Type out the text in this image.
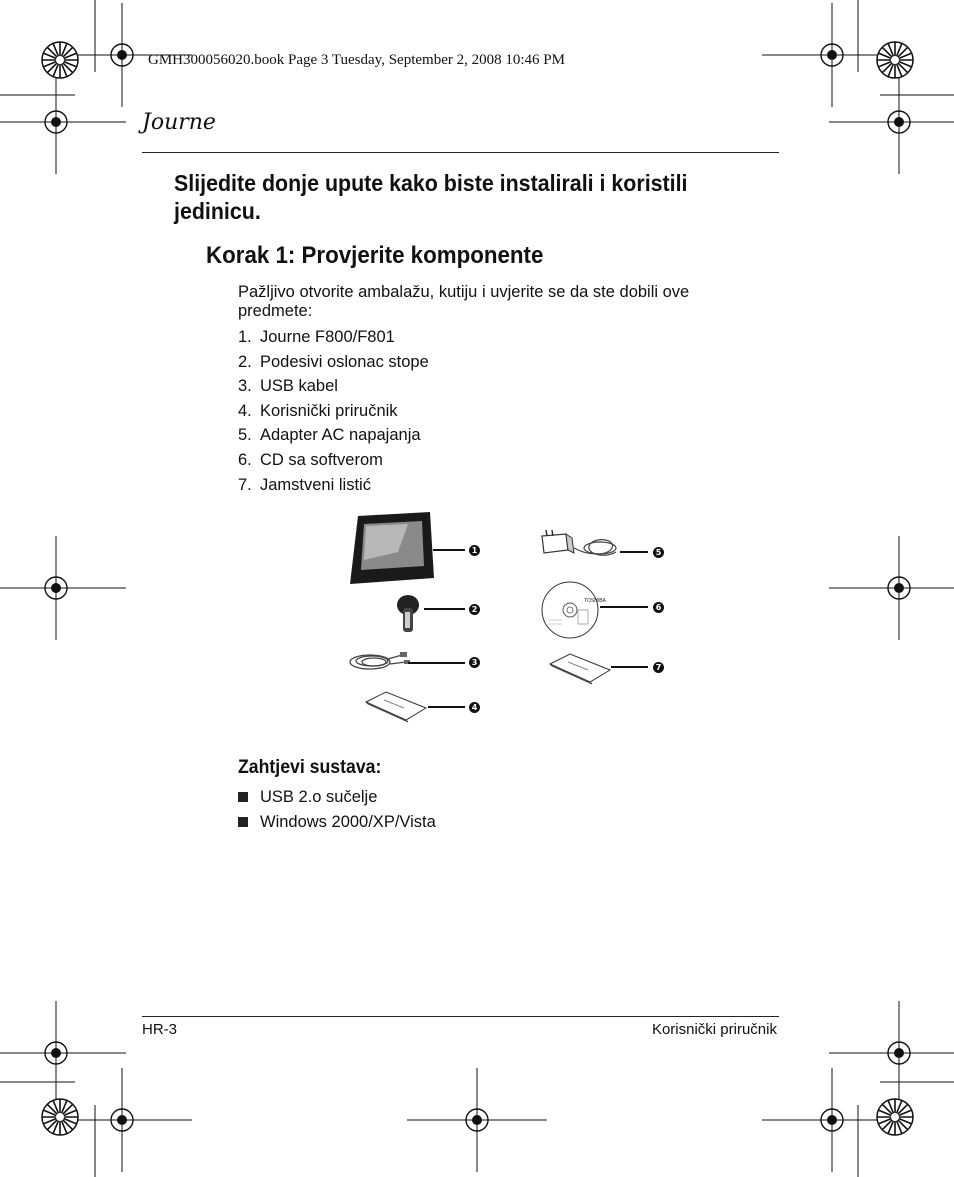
GMH300056020.book Page 3 Tuesday, September 2, 2008 10:46 PM
Journe
Slijedite donje upute kako biste instalirali i koristili jedinicu.
Korak 1: Provjerite komponente
Pažljivo otvorite ambalažu, kutiju i uvjerite se da ste dobili ove predmete:
1. Journe F800/F801
2. Podesivi oslonac stope
3. USB kabel
4. Korisnički priručnik
5. Adapter AC napajanja
6. CD sa softverom
7. Jamstveni listić
TOSHIBA
1
2
3
4
5
6
7
Zahtjevi sustava:
USB 2.o sučelje
Windows 2000/XP/Vista
HR-3	Korisnički priručnik
